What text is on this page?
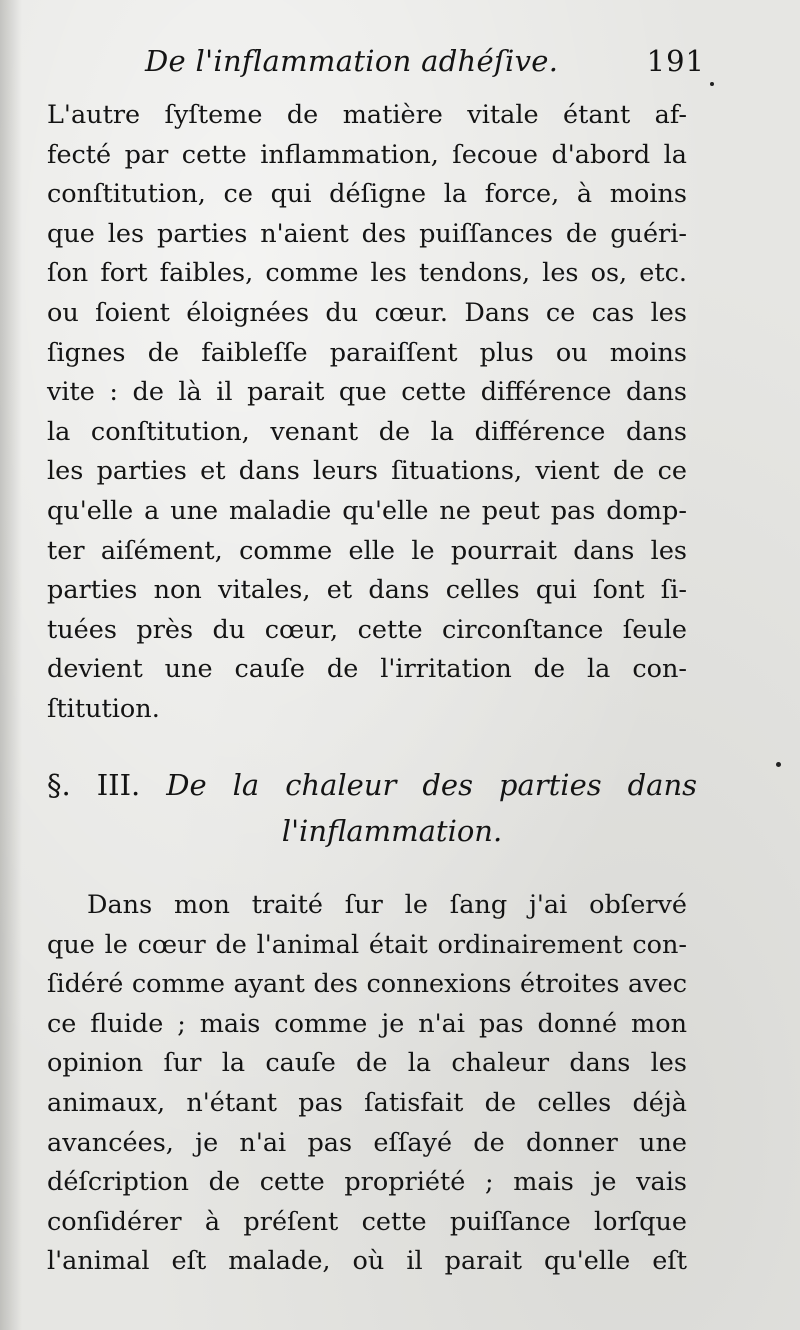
De l'inflammation adhéſive.	191
L'autre ſyſteme de matière vitale étant af-
fecté par cette inflammation, ſecoue d'abord la
conſtitution, ce qui déſigne la force, à moins
que les parties n'aient des puiſſances de guéri-
ſon fort faibles, comme les tendons, les os, etc.
ou ſoient éloignées du cœur. Dans ce cas les
ſignes de faibleſſe paraiſſent plus ou moins
vite : de là il parait que cette différence dans
la conſtitution, venant de la différence dans
les parties et dans leurs ſituations, vient de ce
qu'elle a une maladie qu'elle ne peut pas domp-
ter aiſément, comme elle le pourrait dans les
parties non vitales, et dans celles qui ſont ſi-
tuées près du cœur, cette circonſtance ſeule
devient une cauſe de l'irritation de la con-
ſtitution.
§. III. De la chaleur des parties dans
l'inflammation.
Dans mon traité ſur le ſang j'ai obſervé
que le cœur de l'animal était ordinairement con-
ſidéré comme ayant des connexions étroites avec
ce fluide ; mais comme je n'ai pas donné mon
opinion ſur la cauſe de la chaleur dans les
animaux, n'étant pas ſatisfait de celles déjà
avancées, je n'ai pas eſſayé de donner une
déſcription de cette propriété ; mais je vais
conſidérer à préſent cette puiſſance lorſque
l'animal eſt malade, où il parait qu'elle eſt
